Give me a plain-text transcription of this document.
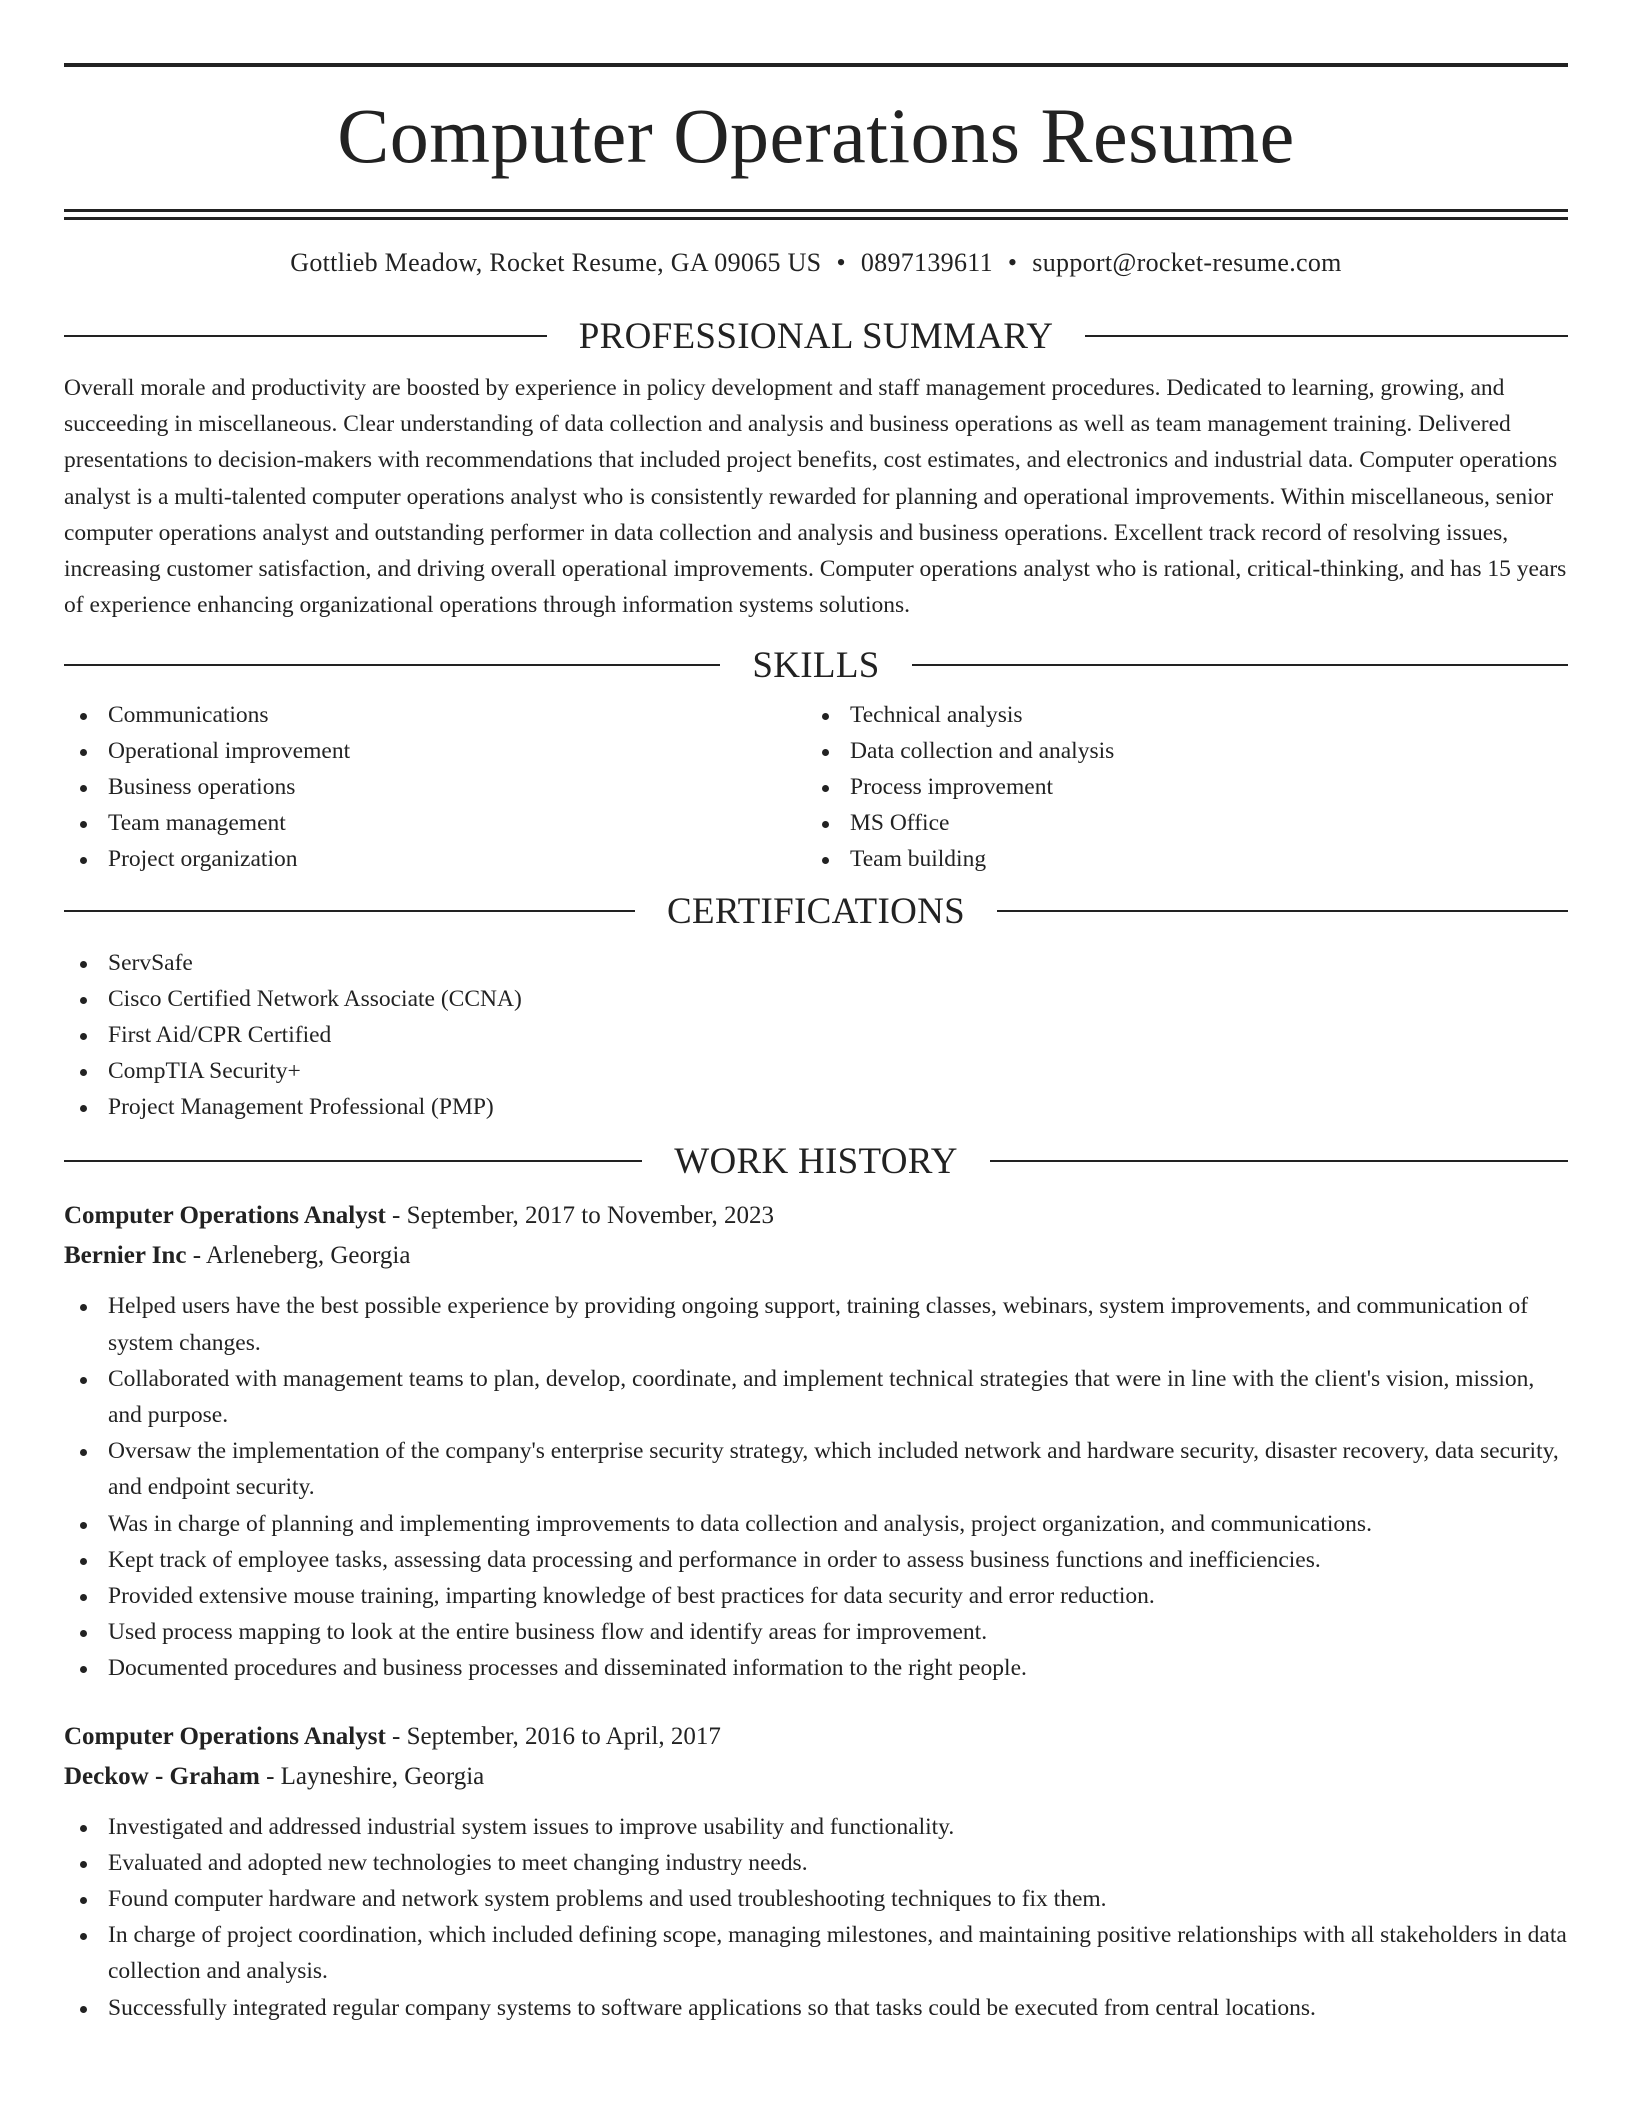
Computer Operations Resume
Gottlieb Meadow, Rocket Resume, GA 09065 US • 0897139611 • support@rocket-resume.com
PROFESSIONAL SUMMARY

Overall morale and productivity are boosted by experience in policy development and staff management procedures. Dedicated to learning, growing, and succeeding in miscellaneous. Clear understanding of data collection and analysis and business operations as well as team management training. Delivered presentations to decision-makers with recommendations that included project benefits, cost estimates, and electronics and industrial data. Computer operations analyst is a multi-talented computer operations analyst who is consistently rewarded for planning and operational improvements. Within miscellaneous, senior computer operations analyst and outstanding performer in data collection and analysis and business operations. Excellent track record of resolving issues, increasing customer satisfaction, and driving overall operational improvements. Computer operations analyst who is rational, critical-thinking, and has 15 years of experience enhancing organizational operations through information systems solutions.

SKILLS
Communications
Operational improvement
Business operations
Team management
Project organization
Technical analysis
Data collection and analysis
Process improvement
MS Office
Team building
CERTIFICATIONS
ServSafe
Cisco Certified Network Associate (CCNA)
First Aid/CPR Certified
CompTIA Security+
Project Management Professional (PMP)
WORK HISTORY
Computer Operations Analyst - September, 2017 to November, 2023
Bernier Inc - Arleneberg, Georgia
Helped users have the best possible experience by providing ongoing support, training classes, webinars, system improvements, and communication of system changes.
Collaborated with management teams to plan, develop, coordinate, and implement technical strategies that were in line with the client's vision, mission, and purpose.
Oversaw the implementation of the company's enterprise security strategy, which included network and hardware security, disaster recovery, data security, and endpoint security.
Was in charge of planning and implementing improvements to data collection and analysis, project organization, and communications.
Kept track of employee tasks, assessing data processing and performance in order to assess business functions and inefficiencies.
Provided extensive mouse training, imparting knowledge of best practices for data security and error reduction.
Used process mapping to look at the entire business flow and identify areas for improvement.
Documented procedures and business processes and disseminated information to the right people.
Computer Operations Analyst - September, 2016 to April, 2017
Deckow - Graham - Layneshire, Georgia
Investigated and addressed industrial system issues to improve usability and functionality.
Evaluated and adopted new technologies to meet changing industry needs.
Found computer hardware and network system problems and used troubleshooting techniques to fix them.
In charge of project coordination, which included defining scope, managing milestones, and maintaining positive relationships with all stakeholders in data collection and analysis.
Successfully integrated regular company systems to software applications so that tasks could be executed from central locations.
